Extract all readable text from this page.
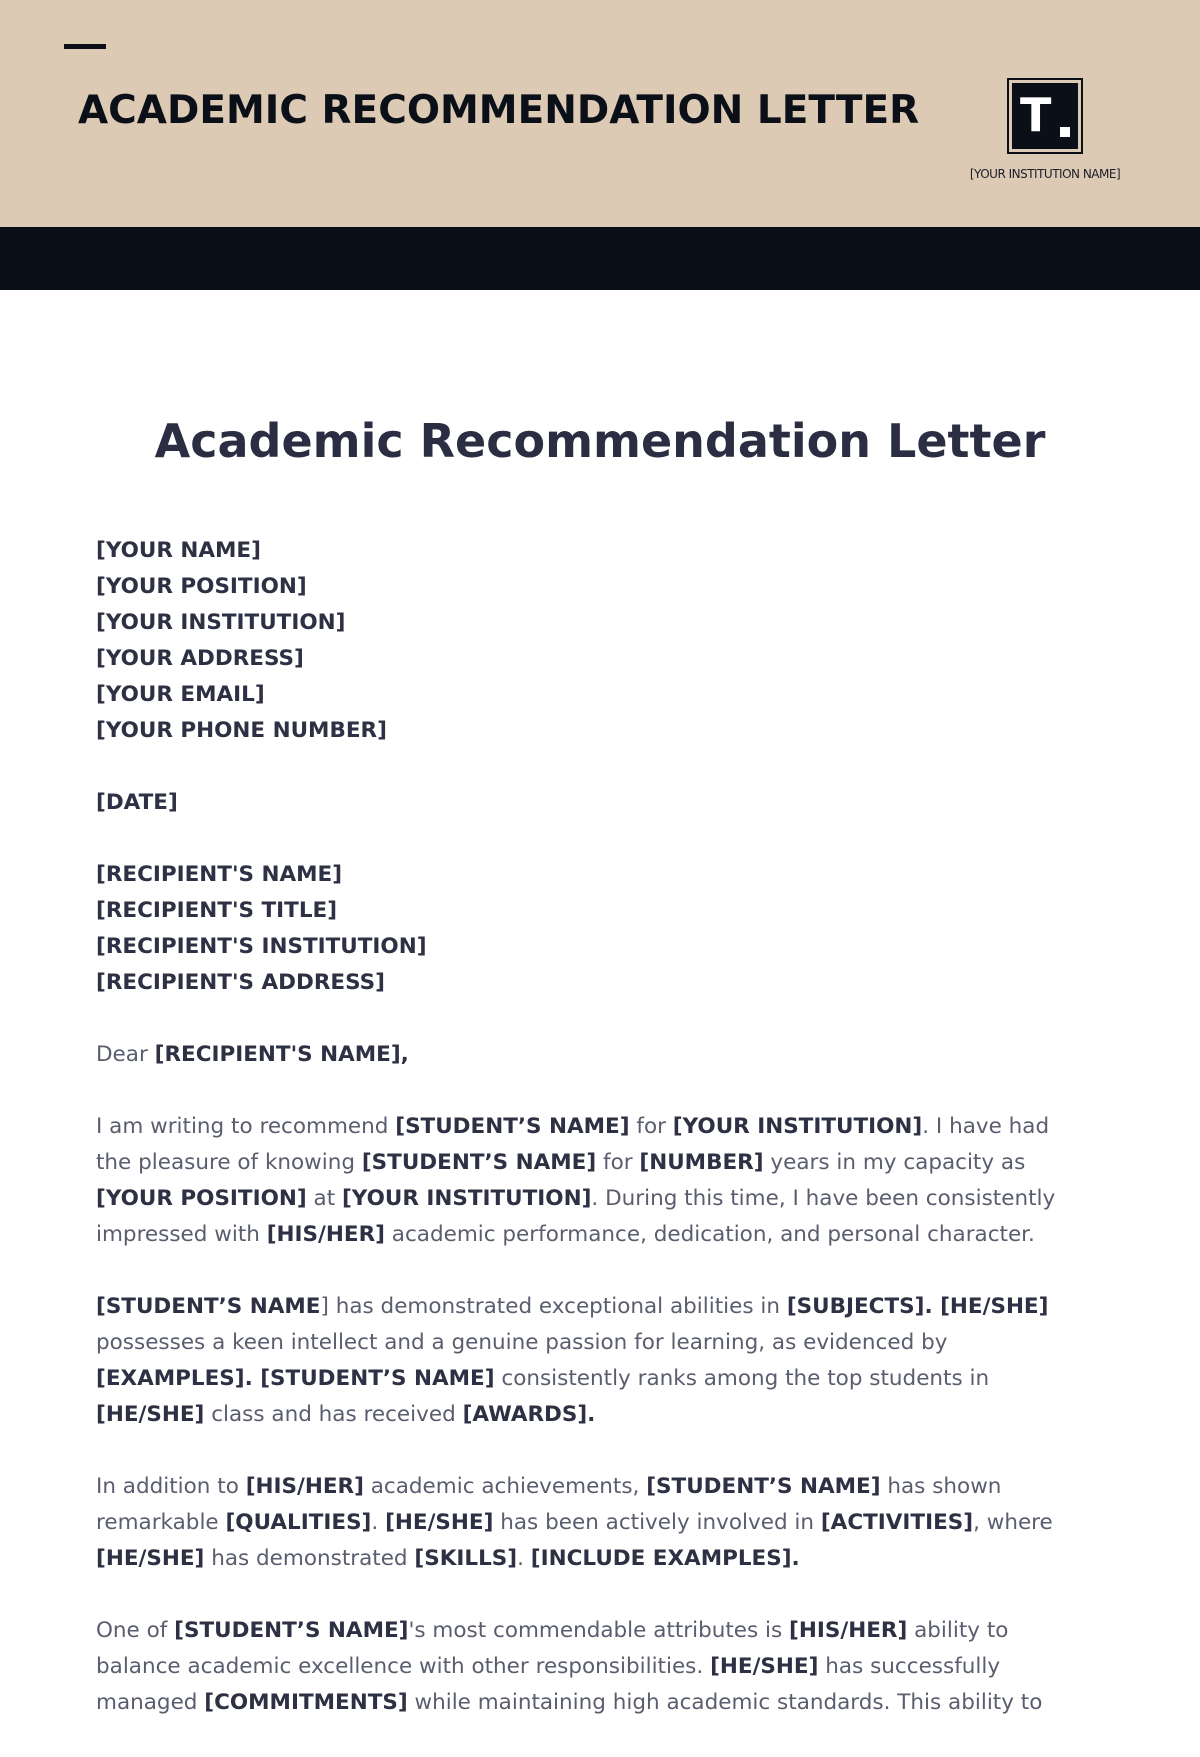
ACADEMIC RECOMMENDATION LETTER T
[YOUR INSTITUTION NAME]
Academic Recommendation Letter
[YOUR NAME]
[YOUR POSITION]
[YOUR INSTITUTION]
[YOUR ADDRESS]
[YOUR EMAIL]
[YOUR PHONE NUMBER]
[DATE]
[RECIPIENT'S NAME]
[RECIPIENT'S TITLE]
[RECIPIENT'S INSTITUTION]
[RECIPIENT'S ADDRESS]
Dear [RECIPIENT'S NAME],
I am writing to recommend [STUDENT’S NAME] for [YOUR INSTITUTION]. I have had
the pleasure of knowing [STUDENT’S NAME] for [NUMBER] years in my capacity as
[YOUR POSITION] at [YOUR INSTITUTION]. During this time, I have been consistently
impressed with [HIS/HER] academic performance, dedication, and personal character.
[STUDENT’S NAME] has demonstrated exceptional abilities in [SUBJECTS]. [HE/SHE]
possesses a keen intellect and a genuine passion for learning, as evidenced by
[EXAMPLES]. [STUDENT’S NAME] consistently ranks among the top students in
[HE/SHE] class and has received [AWARDS].
In addition to [HIS/HER] academic achievements, [STUDENT’S NAME] has shown
remarkable [QUALITIES]. [HE/SHE] has been actively involved in [ACTIVITIES], where
[HE/SHE] has demonstrated [SKILLS]. [INCLUDE EXAMPLES].
One of [STUDENT’S NAME]'s most commendable attributes is [HIS/HER] ability to
balance academic excellence with other responsibilities. [HE/SHE] has successfully
managed [COMMITMENTS] while maintaining high academic standards. This ability to
